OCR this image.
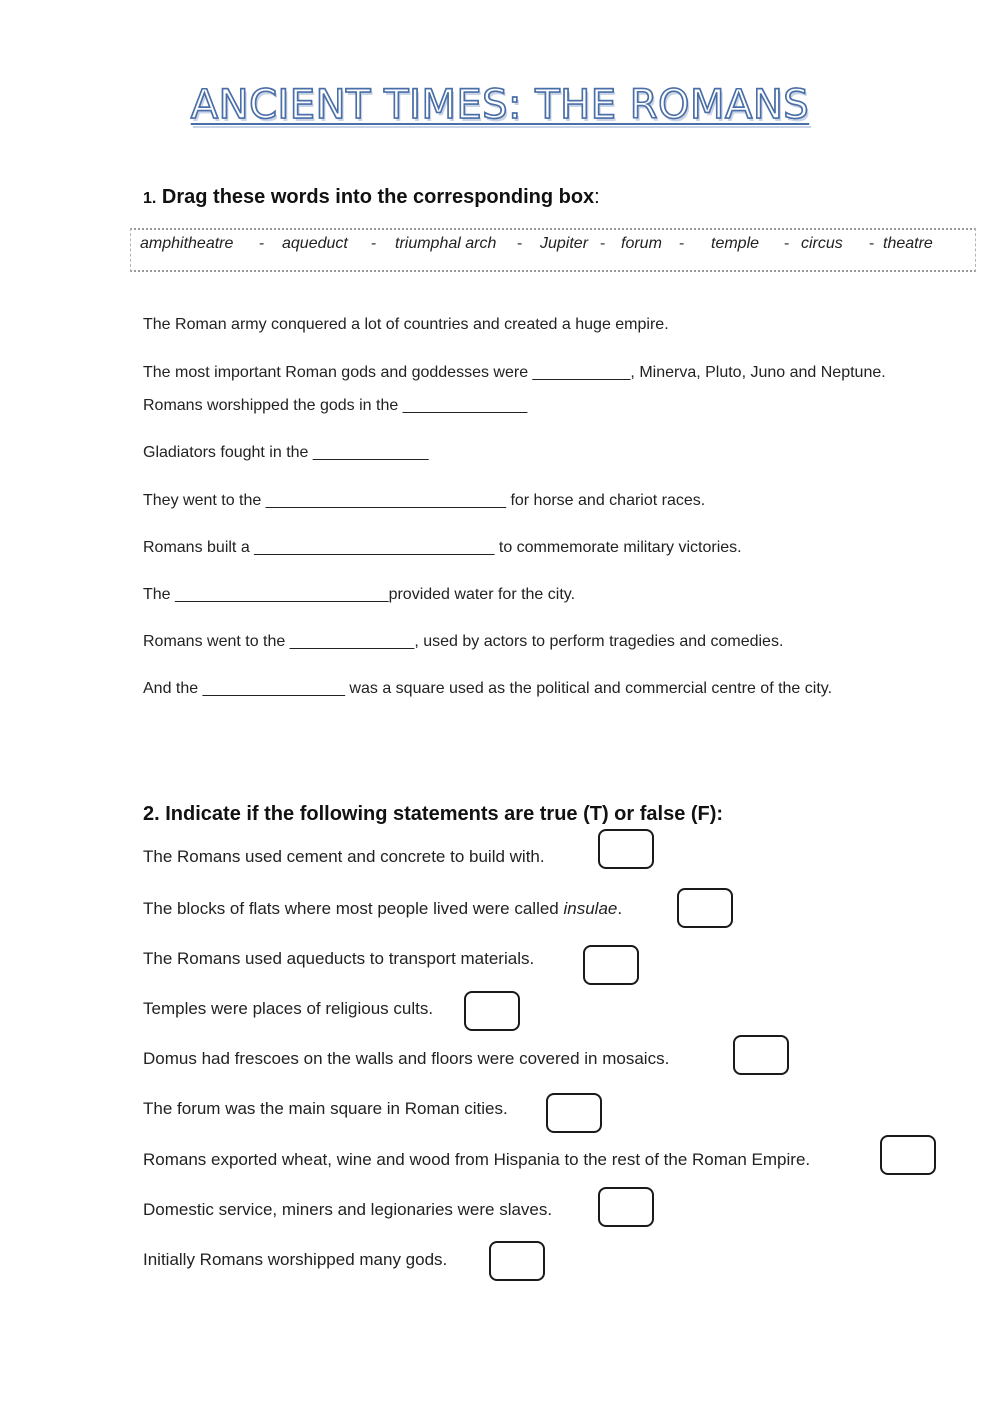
ANCIENT TIMES: THE ROMANS
1. Drag these words into the corresponding box:
amphitheatre - aqueduct - triumphal arch - Jupiter - forum - temple - circus - theatre

The Roman army conquered a lot of countries and created a huge empire.

The most important Roman gods and goddesses were ___________, Minerva, Pluto, Juno and Neptune.

Romans worshipped the gods in the ______________

Gladiators fought in the _____________

They went to the ___________________________ for horse and chariot races.

Romans built a ___________________________ to commemorate military victories.

The ________________________provided water for the city.

Romans went to the ______________, used by actors to perform tragedies and comedies.

And the ________________ was a square used as the political and commercial centre of the city.

2. Indicate if the following statements are true (T) or false (F):

The Romans used cement and concrete to build with.

The blocks of flats where most people lived were called insulae.

The Romans used aqueducts to transport materials.

Temples were places of religious cults.

Domus had frescoes on the walls and floors were covered in mosaics.

The forum was the main square in Roman cities.

Romans exported wheat, wine and wood from Hispania to the rest of the Roman Empire.

Domestic service, miners and legionaries were slaves.

Initially Romans worshipped many gods.
